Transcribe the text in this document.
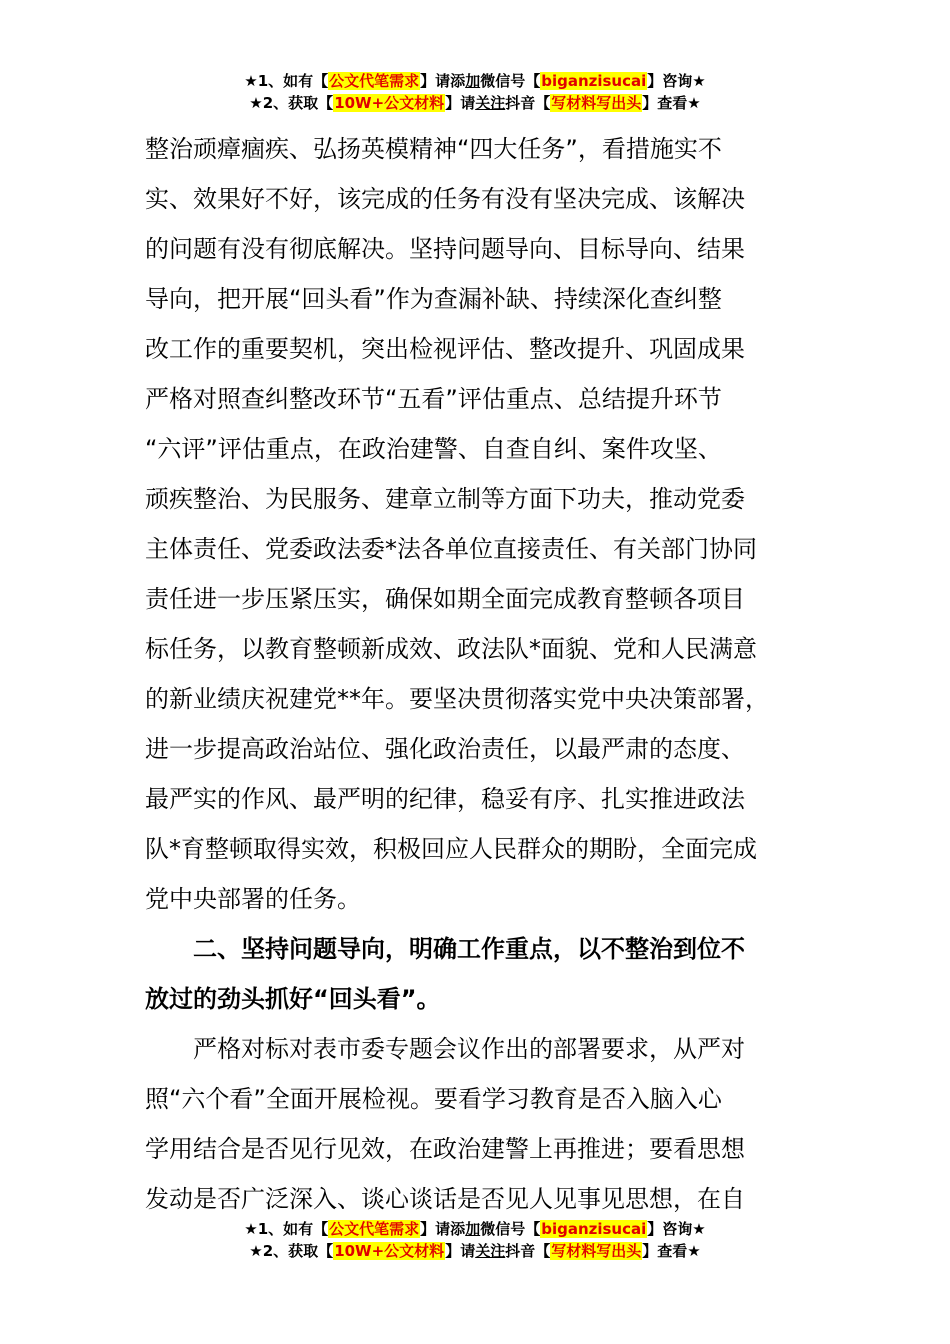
★1、如有【公文代笔需求】请添加微信号【biganzisucai】咨询★
★2、获取【10W+公文材料】请关注抖音【写材料写出头】查看★
整治顽瘴痼疾、弘扬英模精神“四大任务”，看措施实不
实、效果好不好，该完成的任务有没有坚决完成、该解决
的问题有没有彻底解决。坚持问题导向、目标导向、结果
导向，把开展“回头看”作为查漏补缺、持续深化查纠整
改工作的重要契机，突出检视评估、整改提升、巩固成果
严格对照查纠整改环节“五看”评估重点、总结提升环节
“六评”评估重点，在政治建警、自查自纠、案件攻坚、
顽疾整治、为民服务、建章立制等方面下功夫，推动党委
主体责任、党委政法委*法各单位直接责任、有关部门协同
责任进一步压紧压实，确保如期全面完成教育整顿各项目
标任务，以教育整顿新成效、政法队*面貌、党和人民满意
的新业绩庆祝建党**年。要坚决贯彻落实党中央决策部署，
进一步提高政治站位、强化政治责任，以最严肃的态度、
最严实的作风、最严明的纪律，稳妥有序、扎实推进政法
队*育整顿取得实效，积极回应人民群众的期盼，全面完成
党中央部署的任务。
二、坚持问题导向，明确工作重点，以不整治到位不
放过的劲头抓好“回头看”。
严格对标对表市委专题会议作出的部署要求，从严对
照“六个看”全面开展检视。要看学习教育是否入脑入心
学用结合是否见行见效，在政治建警上再推进；要看思想
发动是否广泛深入、谈心谈话是否见人见事见思想，在自
★1、如有【公文代笔需求】请添加微信号【biganzisucai】咨询★
★2、获取【10W+公文材料】请关注抖音【写材料写出头】查看★
